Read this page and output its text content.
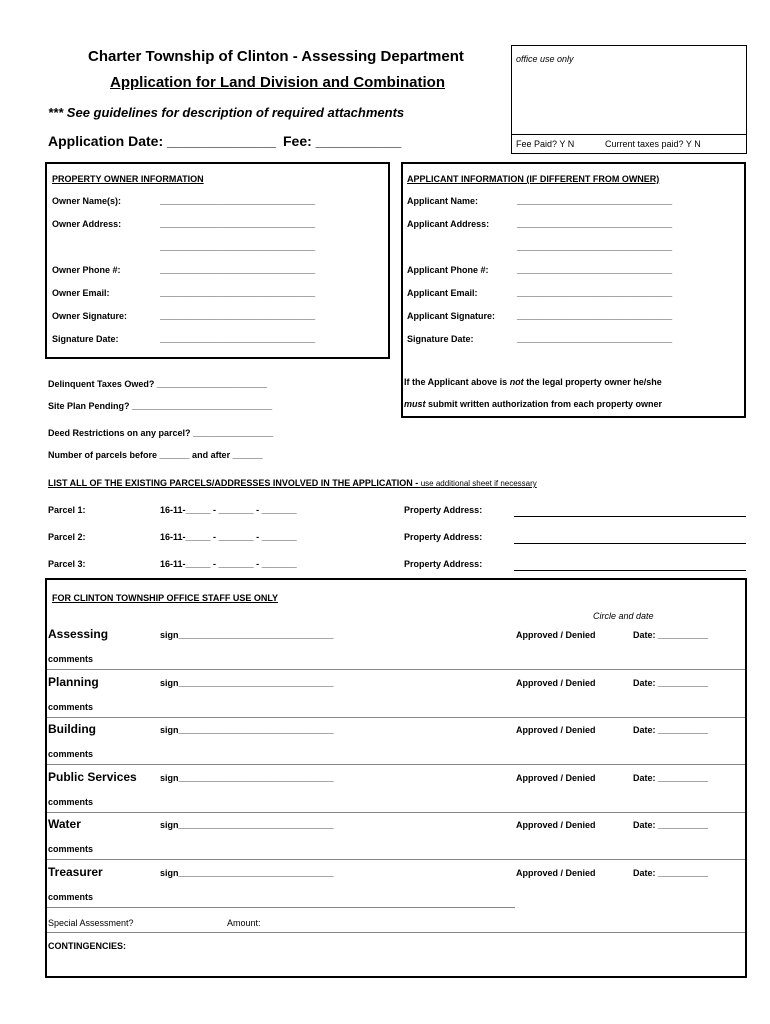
Charter Township of Clinton - Assessing Department
Application for Land Division and Combination
*** See guidelines for description of required attachments
Application Date: ______________ Fee: ___________
office use only
Fee Paid? Y N	Current taxes paid? Y N
PROPERTY OWNER INFORMATION
Owner Name(s):	_______________________________
Owner Address:	_______________________________
_______________________________
Owner Phone #:	_______________________________
Owner Email:	_______________________________
Owner Signature:	_______________________________
Signature Date:	_______________________________
APPLICANT INFORMATION (IF DIFFERENT FROM OWNER)
Applicant Name:	_______________________________
Applicant Address:	_______________________________
_______________________________
Applicant Phone #:	_______________________________
Applicant Email:	_______________________________
Applicant Signature: _______________________________
Signature Date:	_______________________________
If the Applicant above is not the legal property owner he/she
must submit written authorization from each property owner
Delinquent Taxes Owed? ______________________
Site Plan Pending? ____________________________
Deed Restrictions on any parcel? ________________
Number of parcels before ______ and after ______
LIST ALL OF THE EXISTING PARCELS/ADDRESSES INVOLVED IN THE APPLICATION - use additional sheet if necessary
Parcel 1:	16-11-_____ - _______ - _______	Property Address:
Parcel 2:	16-11-_____ - _______ - _______	Property Address:
Parcel 3:	16-11-_____ - _______ - _______	Property Address:
FOR CLINTON TOWNSHIP OFFICE STAFF USE ONLY
Circle and date
Assessing	sign_______________________________	Approved / Denied	Date: __________
comments
Planning	sign_______________________________	Approved / Denied	Date: __________
comments
Building	sign_______________________________	Approved / Denied	Date: __________
comments
Public Services	sign_______________________________	Approved / Denied	Date: __________
comments
Water	sign_______________________________	Approved / Denied	Date: __________
comments
Treasurer	sign_______________________________	Approved / Denied	Date: __________
comments
Special Assessment?	Amount:
CONTINGENCIES:
